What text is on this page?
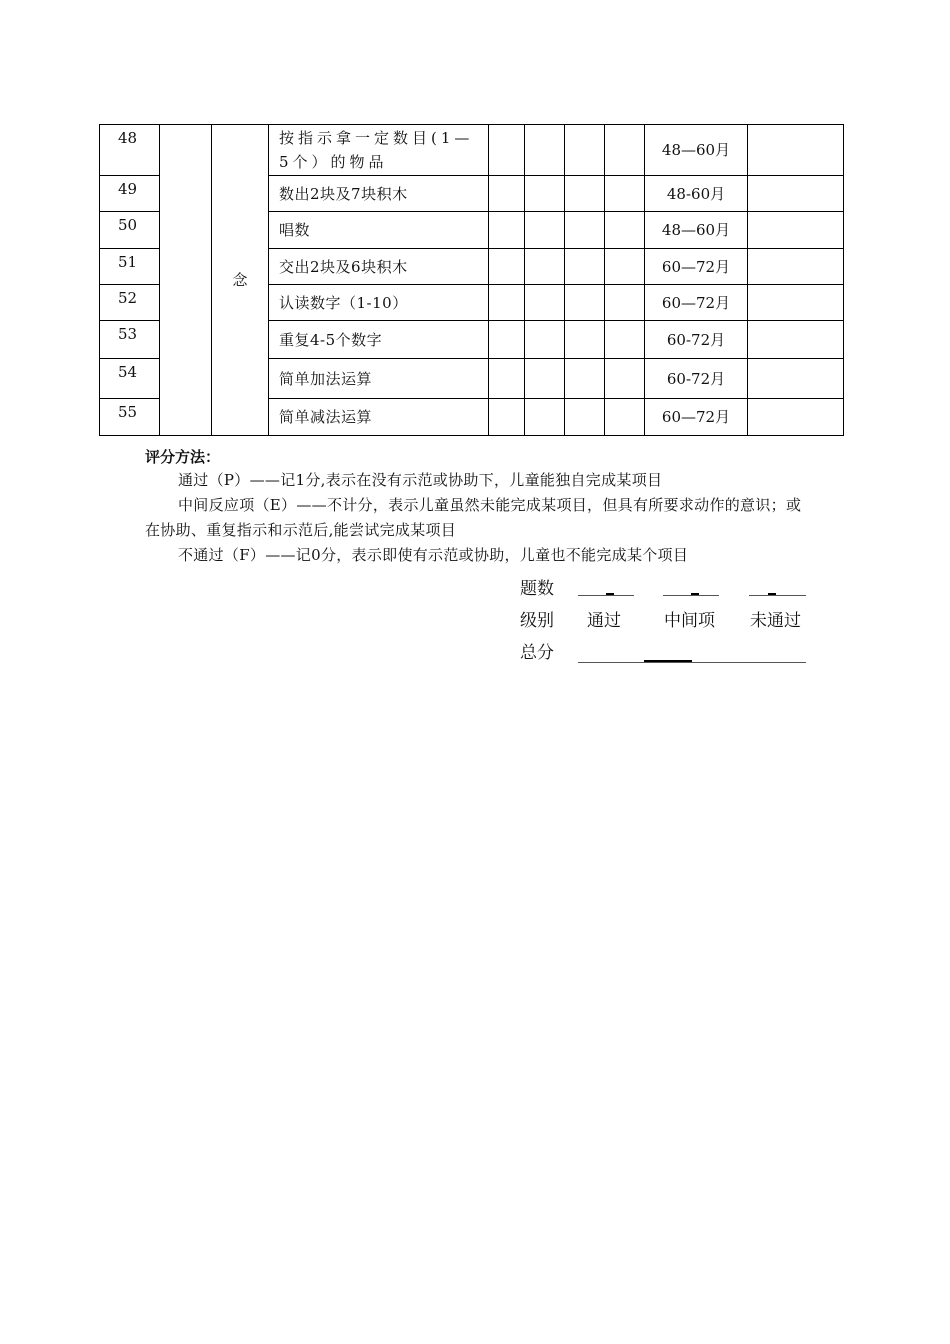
48		念	按指示拿一定数目(1—5个）的物品					48—60月	
49			数出2块及7块积木					48-60月	
50			唱数					48—60月	
51			交出2块及6块积木					60—72月	
52			认读数字（1-10）					60—72月	
53			重复4-5个数字					60-72月	
54			简单加法运算					60-72月	
55			简单减法运算					60—72月	
评分方法：
通过（P）——记1分,表示在没有示范或协助下，儿童能独自完成某项目
中间反应项（E）——不计分，表示儿童虽然未能完成某项目，但具有所要求动作的意识；或在协助、重复指示和示范后,能尝试完成某项目
不通过（F）——记0分，表示即使有示范或协助，儿童也不能完成某个项目
题数
级别 通过	中间项 未通过
总分
